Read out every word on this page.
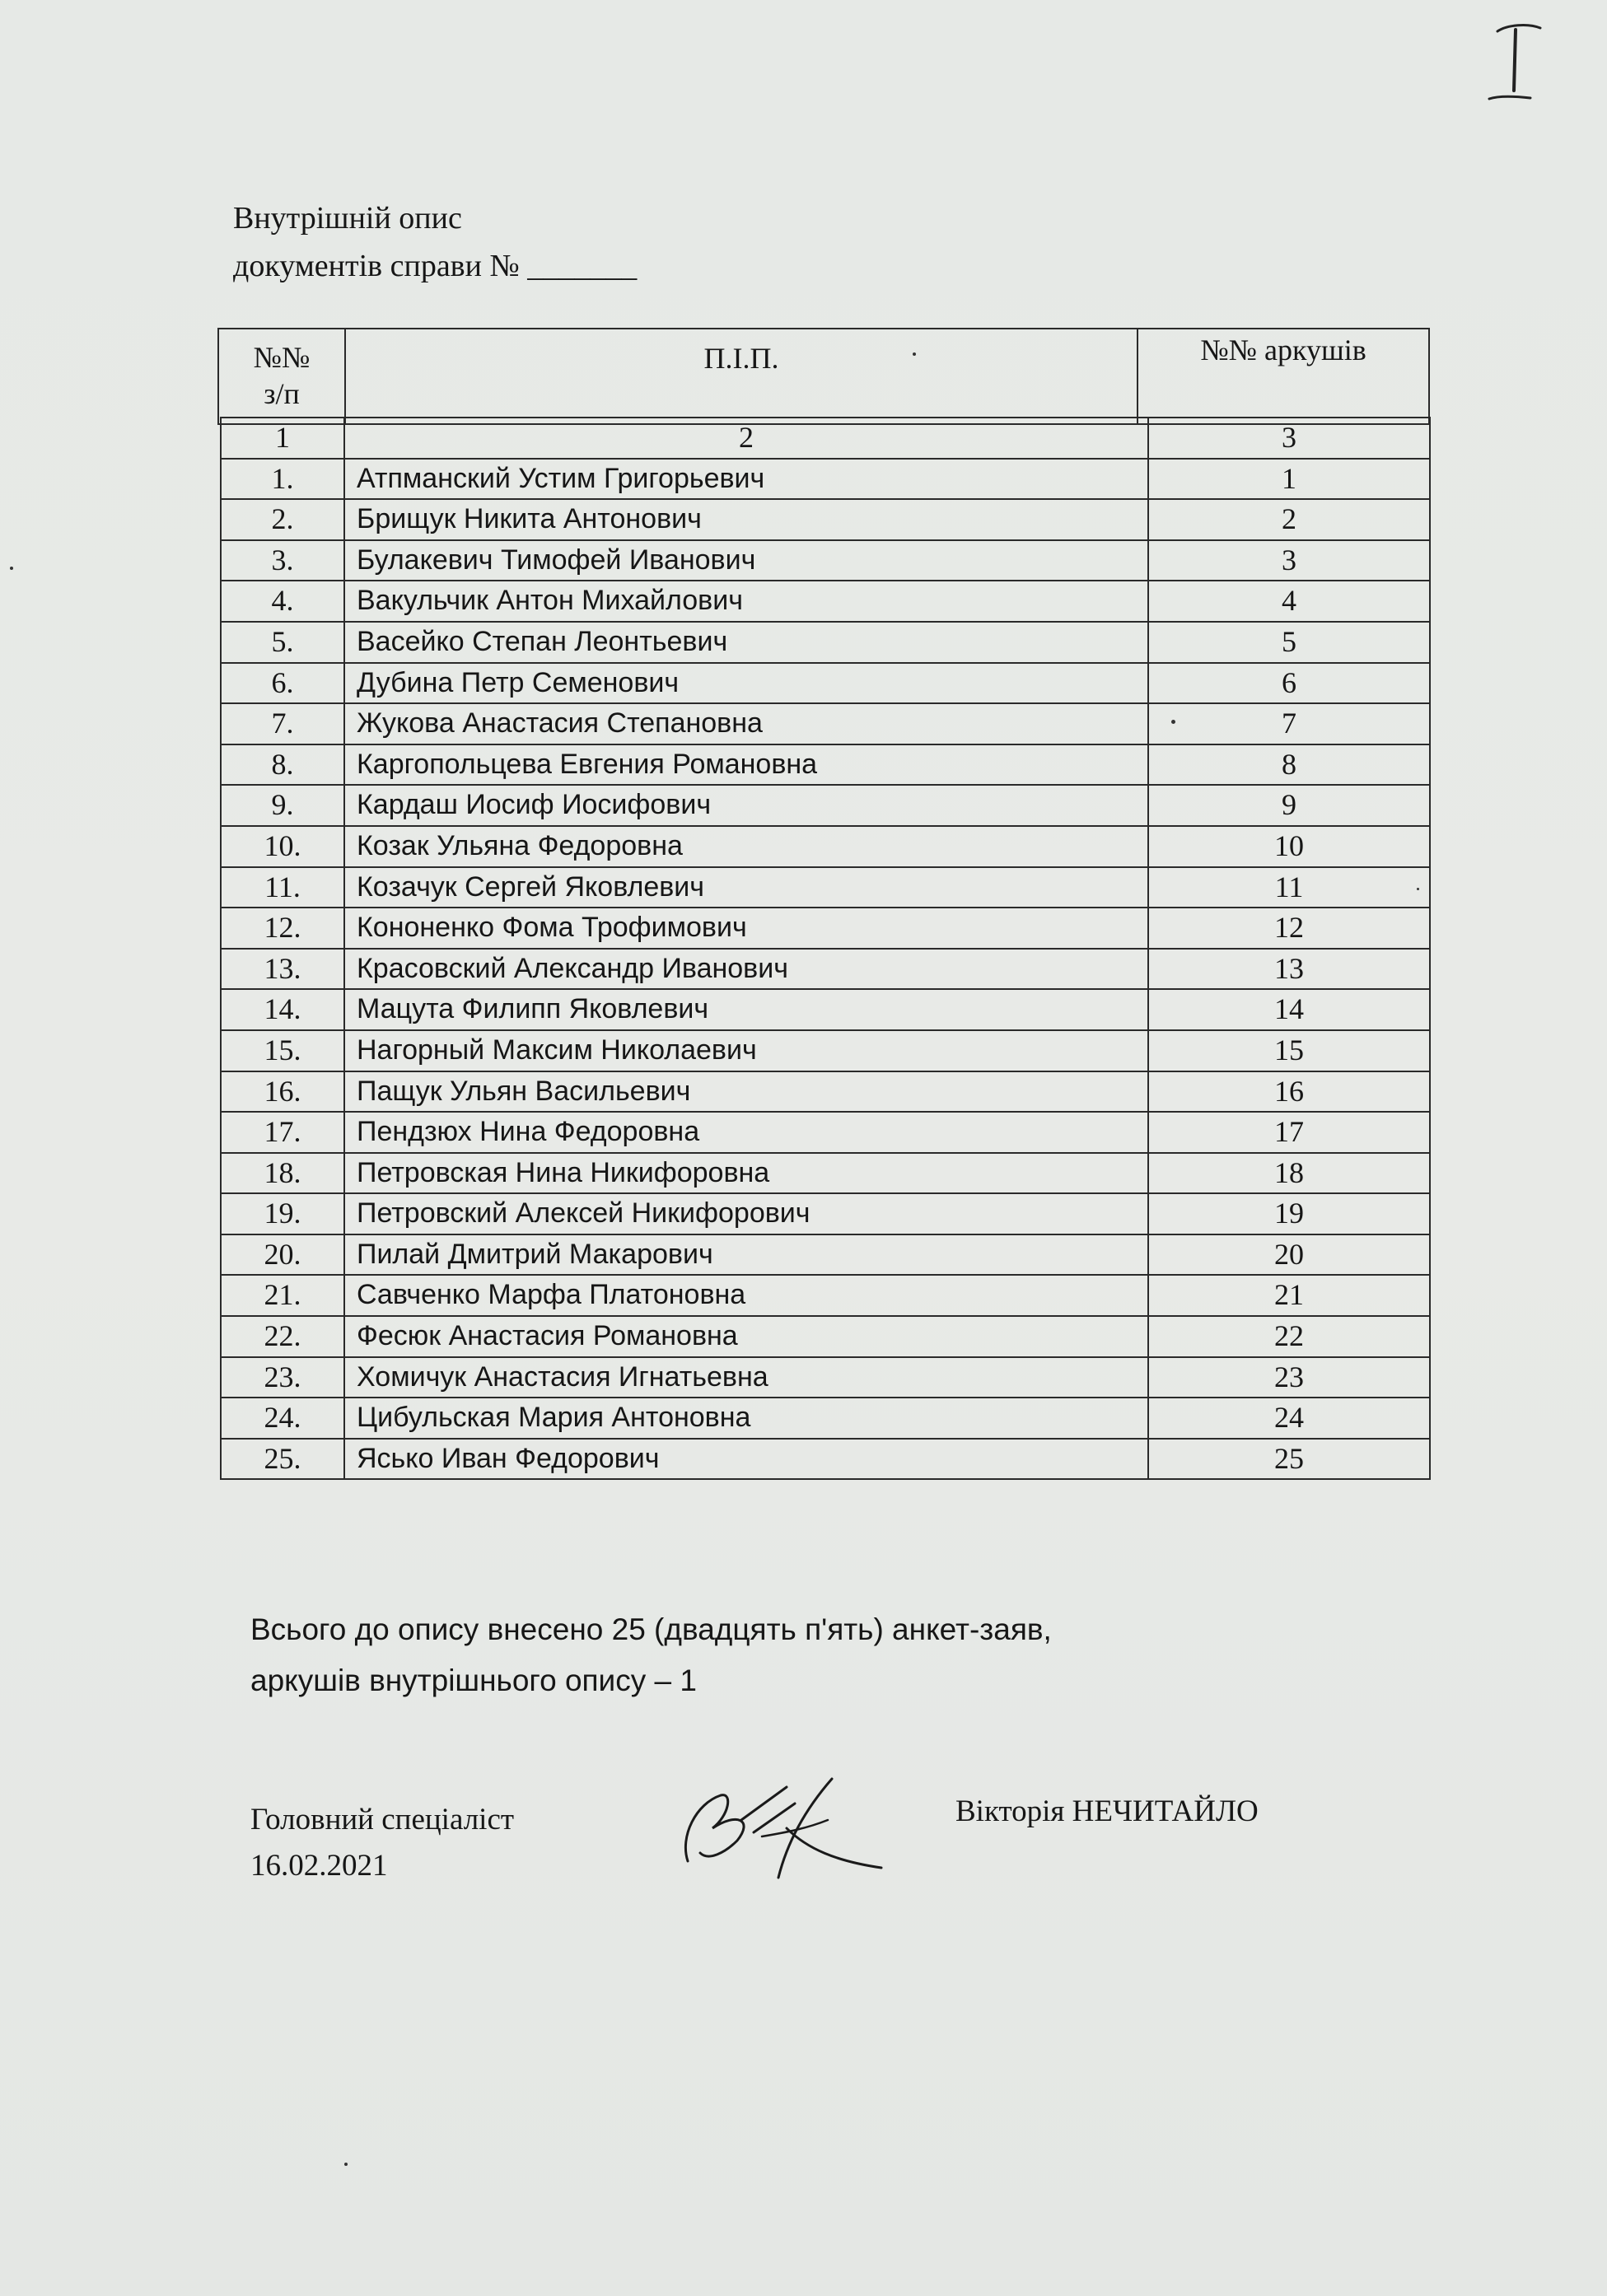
Внутрішній опис
документів справи № _______
№№
з/п
	П.І.П.	№№ аркушів
1	2	3
1.	Атпманский Устим Григорьевич	1
2.	Брищук Никита Антонович	2
3.	Булакевич Тимофей Иванович	3
4.	Вакульчик Антон Михайлович	4
5.	Васейко Степан Леонтьевич	5
6.	Дубина Петр Семенович	6
7.	Жукова Анастасия Степановна	7
8.	Каргопольцева Евгения Романовна	8
9.	Кардаш Иосиф Иосифович	9
10.	Козак Ульяна Федоровна	10
11.	Козачук Сергей Яковлевич	11
12.	Кононенко Фома Трофимович	12
13.	Красовский Александр Иванович	13
14.	Мацута Филипп Яковлевич	14
15.	Нагорный Максим Николаевич	15
16.	Пащук Ульян Васильевич	16
17.	Пендзюх Нина Федоровна	17
18.	Петровская Нина Никифоровна	18
19.	Петровский Алексей Никифорович	19
20.	Пилай Дмитрий Макарович	20
21.	Савченко Марфа Платоновна	21
22.	Фесюк Анастасия Романовна	22
23.	Хомичук Анастасия Игнатьевна	23
24.	Цибульская Мария Антоновна	24
25.	Ясько Иван Федорович	25
Всього до опису внесено 25 (двадцять п'ять) анкет-заяв,
аркушів внутрішнього опису – 1
Головний спеціаліст
16.02.2021
Вікторія НЕЧИТАЙЛО
